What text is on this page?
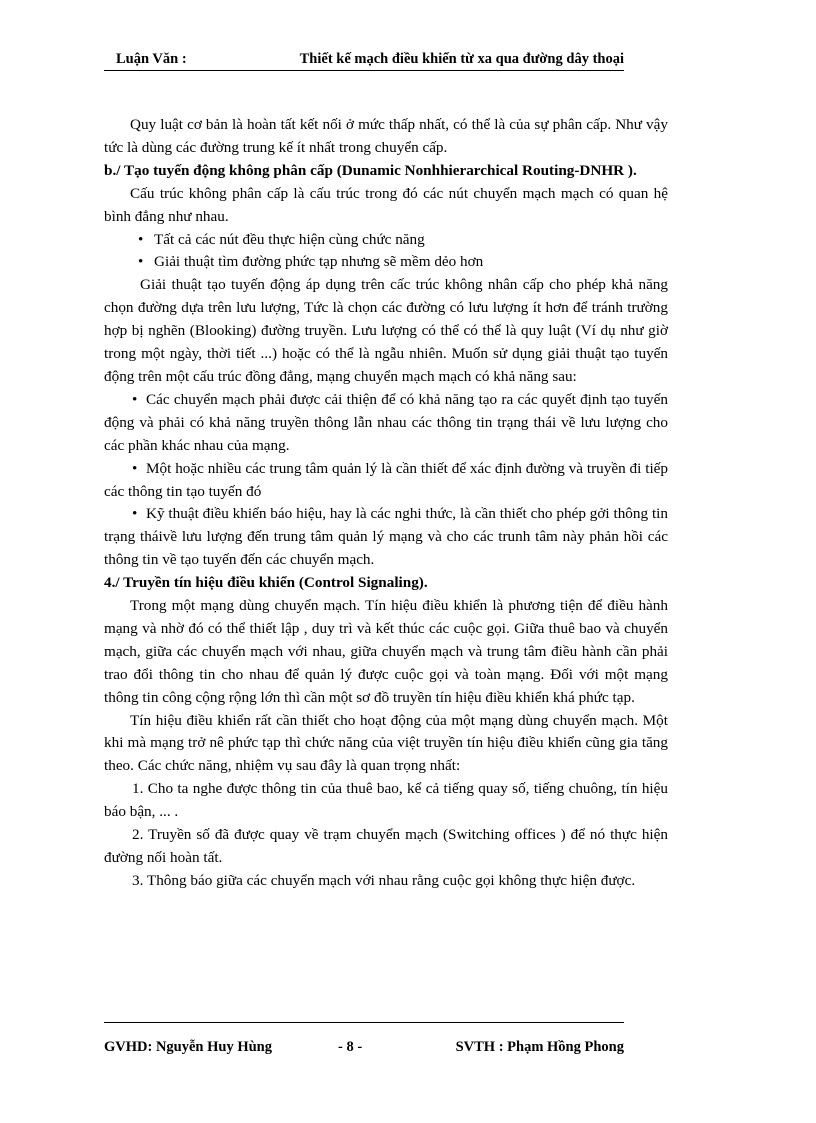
Luận Văn :	Thiết kế mạch điều khiển từ xa qua đường dây thoại

Quy luật cơ bản là hoàn tất kết nối ở mức thấp nhất, có thể là của sự phân cấp. Như vậy tức là dùng các đường trung kế ít nhất trong chuyển cấp.

b./ Tạo tuyến động không phân cấp (Dunamic Nonhhierarchical Routing-DNHR ).

Cấu trúc không phân cấp là cấu trúc trong đó các nút chuyển mạch mạch có quan hệ bình đẳng như nhau.

• Tất cả các nút đều thực hiện cùng chức năng
• Giải thuật tìm đường phức tạp nhưng sẽ mềm dẻo hơn

Giải thuật tạo tuyến động áp dụng trên cấc trúc không nhân cấp cho phép khả năng chọn đường dựa trên lưu lượng, Tức là chọn các đường có lưu lượng ít hơn để tránh trường hợp bị nghẽn (Blooking) đường truyền. Lưu lượng có thể có thể là quy luật (Ví dụ như giờ trong một ngày, thời tiết ...) hoặc có thể là ngẫu nhiên. Muốn sử dụng giải thuật tạo tuyến động trên một cấu trúc đồng đẳng, mạng chuyển mạch mạch có khả năng sau:

• Các chuyển mạch phải được cải thiện để có khả năng tạo ra các quyết định tạo tuyến động và phải có khả năng truyền thông lẫn nhau các thông tin trạng thái về lưu lượng cho các phần khác nhau của mạng.

• Một hoặc nhiều các trung tâm quản lý là cần thiết để xác định đường và truyền đi tiếp các thông tin tạo tuyến đó

• Kỹ thuật điều khiển báo hiệu, hay là các nghi thức, là cần thiết cho phép gởi thông tin trạng tháivề lưu lượng đến trung tâm quản lý mạng và cho các trunh tâm này phản hồi các thông tin về tạo tuyến đến các chuyển mạch.

4./ Truyền tín hiệu điều khiển (Control Signaling).

Trong một mạng dùng chuyển mạch. Tín hiệu điều khiển là phương tiện để điều hành mạng và nhờ đó có thể thiết lập , duy trì và kết thúc các cuộc gọi. Giữa thuê bao và chuyển mạch, giữa các chuyển mạch với nhau, giữa chuyển mạch và trung tâm điều hành cần phải trao đổi thông tin cho nhau để quản lý được cuộc gọi và toàn mạng. Đối với một mạng thông tin công cộng rộng lớn thì cần một sơ đồ truyền tín hiệu điều khiển khá phức tạp.

Tín hiệu điều khiển rất cần thiết cho hoạt động của một mạng dùng chuyển mạch. Một khi mà mạng trở nê phức tạp thì chức năng của việt truyền tín hiệu điều khiển cũng gia tăng theo. Các chức năng, nhiệm vụ sau đây là quan trọng nhất:

1. Cho ta nghe được thông tin của thuê bao, kể cả tiếng quay số, tiếng chuông, tín hiệu báo bận, ... .

2. Truyền số đã được quay về trạm chuyển mạch (Switching offices ) để nó thực hiện đường nối hoàn tất.

3. Thông báo giữa các chuyển mạch với nhau rằng cuộc gọi không thực hiện được.

GVHD: Nguyễn Huy Hùng	- 8 -	SVTH : Phạm Hồng Phong
